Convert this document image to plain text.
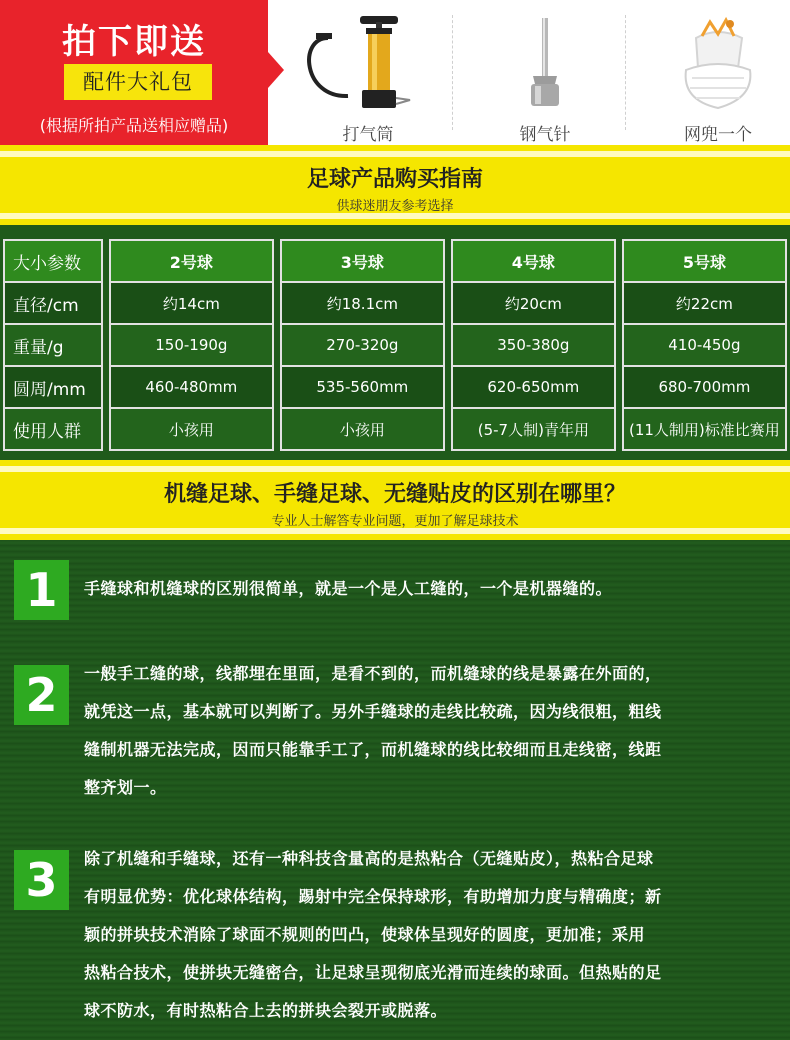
拍下即送
配件大礼包
(根据所拍产品送相应赠品)	打气筒	钢气针	网兜一个
足球产品购买指南
供球迷朋友参考选择
大小参数		2号球		3号球		4号球		5号球
直径/cm		约14cm		约18.1cm		约20cm		约22cm
重量/g		150-190g		270-320g		350-380g		410-450g
圆周/mm		460-480mm		535-560mm		620-650mm		680-700mm
使用人群		小孩用		小孩用		(5-7人制)青年用		(11人制用)标准比赛用
机缝足球、手缝足球、无缝贴皮的区别在哪里？
专业人士解答专业问题，更加了解足球技术
1	手缝球和机缝球的区别很简单，就是一个是人工缝的，一个是机器缝的。
2	一般手工缝的球，线都埋在里面，是看不到的，而机缝球的线是暴露在外面的，
就凭这一点，基本就可以判断了。另外手缝球的走线比较疏，因为线很粗，粗线
缝制机器无法完成，因而只能靠手工了，而机缝球的线比较细而且走线密，线距
整齐划一。
3	除了机缝和手缝球，还有一种科技含量高的是热粘合（无缝贴皮），热粘合足球
有明显优势：优化球体结构，踢射中完全保持球形，有助增加力度与精确度；新
颖的拼块技术消除了球面不规则的凹凸，使球体呈现好的圆度，更加准；采用
热粘合技术，使拼块无缝密合，让足球呈现彻底光滑而连续的球面。但热贴的足
球不防水，有时热粘合上去的拼块会裂开或脱落。
